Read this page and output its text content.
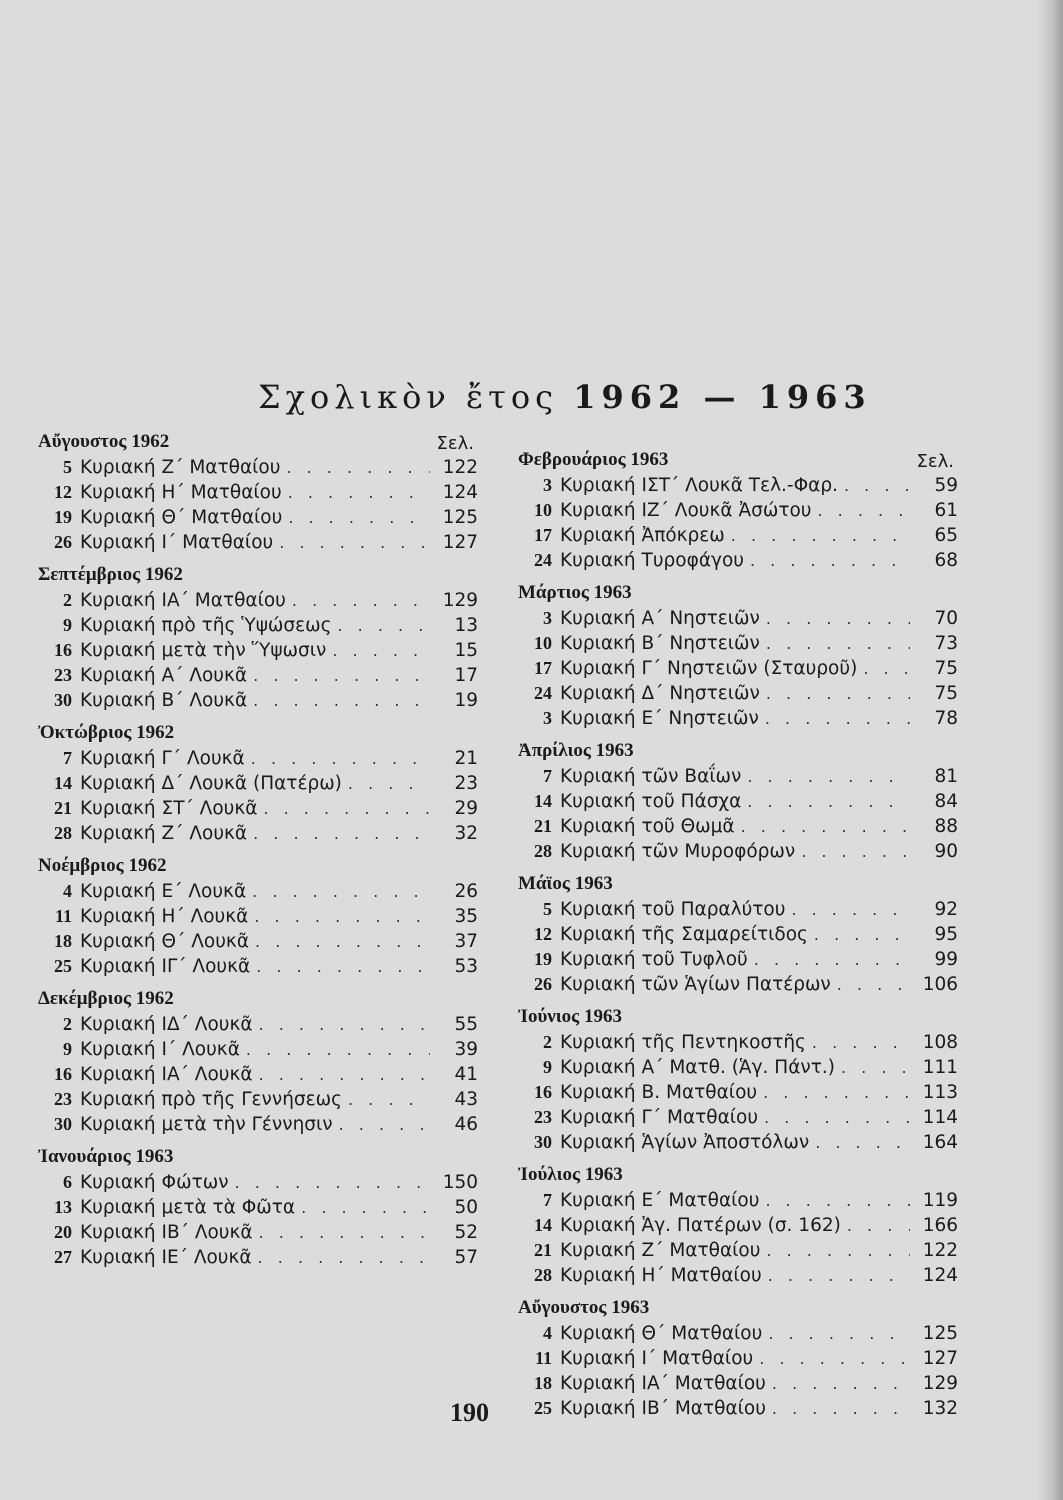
Σχολικὸν ἔτος 1962 — 1963
Αὔγουστος 1962	Σελ.
5 Κυριακή Ζ΄ Ματθαίου . . .	122
12 Κυριακή Η΄ Ματθαίου . . .	124
19 Κυριακή Θ΄ Ματθαίου . . .	125
26 Κυριακή Ι΄ Ματθαίου . . .	127
Σεπτέμβριος 1962
2 Κυριακή ΙΑ΄ Ματθαίου . . .	129
9 Κυριακή πρὸ τῆς Ὑψώσεως . . .	13
16 Κυριακή μετὰ τὴν Ὕψωσιν . . .	15
23 Κυριακή Α΄ Λουκᾶ . . .	17
30 Κυριακή Β΄ Λουκᾶ . . .	19
Ὀκτώβριος 1962
7 Κυριακή Γ΄ Λουκᾶ . . .	21
14 Κυριακή Δ΄ Λουκᾶ (Πατέρω) . . .	23
21 Κυριακή ΣΤ΄ Λουκᾶ . . .	29
28 Κυριακή Ζ΄ Λουκᾶ . . .	32
Νοέμβριος 1962
4 Κυριακή Ε΄ Λουκᾶ . . .	26
11 Κυριακή Η΄ Λουκᾶ . . .	35
18 Κυριακή Θ΄ Λουκᾶ . . .	37
25 Κυριακή ΙΓ΄ Λουκᾶ . . .	53
Δεκέμβριος 1962
2 Κυριακή ΙΔ΄ Λουκᾶ . . .	55
9 Κυριακή Ι΄ Λουκᾶ . . .	39
16 Κυριακή ΙΑ΄ Λουκᾶ . . .	41
23 Κυριακή πρὸ τῆς Γεννήσεως . . .	43
30 Κυριακή μετὰ τὴν Γέννησιν . . .	46
Ἰανουάριος 1963
6 Κυριακή Φώτων . . .	150
13 Κυριακή μετὰ τὰ Φῶτα . . .	50
20 Κυριακή ΙΒ΄ Λουκᾶ . . .	52
27 Κυριακή ΙΕ΄ Λουκᾶ . . .	57
Φεβρουάριος 1963	Σελ.
3 Κυριακή ΙΣΤ΄ Λουκᾶ Τελ.-Φαρ. . . .	59
10 Κυριακή ΙΖ΄ Λουκᾶ Ἀσώτου . . .	61
17 Κυριακή Ἀπόκρεω . . .	65
24 Κυριακή Τυροφάγου . . .	68
Μάρτιος 1963
3 Κυριακή Α΄ Νηστειῶν . . .	70
10 Κυριακή Β΄ Νηστειῶν . . .	73
17 Κυριακή Γ΄ Νηστειῶν (Σταυροῦ) . . .	75
24 Κυριακή Δ΄ Νηστειῶν . . .	75
3 Κυριακή Ε΄ Νηστειῶν . . .	78
Ἀπρίλιος 1963
7 Κυριακή τῶν Βαΐων . . .	81
14 Κυριακή τοῦ Πάσχα . . .	84
21 Κυριακή τοῦ Θωμᾶ . . .	88
28 Κυριακή τῶν Μυροφόρων . . .	90
Μάϊος 1963
5 Κυριακή τοῦ Παραλύτου . . .	92
12 Κυριακή τῆς Σαμαρείτιδος . . .	95
19 Κυριακή τοῦ Τυφλοῦ . . .	99
26 Κυριακή τῶν Ἁγίων Πατέρων . . .	106
Ἰούνιος 1963
2 Κυριακή τῆς Πεντηκοστῆς . . .	108
9 Κυριακή Α΄ Ματθ. (Ἁγ. Πάντ.) . . .	111
16 Κυριακή Β. Ματθαίου . . .	113
23 Κυριακή Γ΄ Ματθαίου . . .	114
30 Κυριακή Ἁγίων Ἀποστόλων . . .	164
Ἰούλιος 1963
7 Κυριακή Ε΄ Ματθαίου . . .	119
14 Κυριακή Ἁγ. Πατέρων (σ. 162) . . .	166
21 Κυριακή Ζ΄ Ματθαίου . . .	122
28 Κυριακή Η΄ Ματθαίου . . .	124
Αὔγουστος 1963
4 Κυριακή Θ΄ Ματθαίου . . .	125
11 Κυριακή Ι΄ Ματθαίου . . .	127
18 Κυριακή ΙΑ΄ Ματθαίου . . .	129
25 Κυριακή ΙΒ΄ Ματθαίου . . .	132
190
